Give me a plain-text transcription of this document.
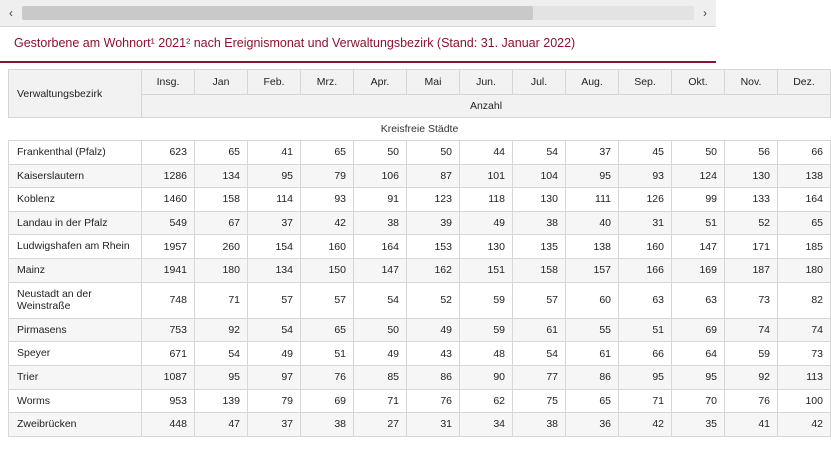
‹	›
Gestorbene am Wohnort¹ 2021² nach Ereignismonat und Verwaltungsbezirk (Stand: 31. Januar 2022)
Verwaltungsbezirk	Insg.	Jan	Feb.	Mrz.	Apr.	Mai	Jun.	Jul.	Aug.	Sep.	Okt.	Nov.	Dez.
	Anzahl												
Kreisfreie Städte													
Frankenthal (Pfalz)	623	65	41	65	50	50	44	54	37	45	50	56	66
Kaiserslautern	1286	134	95	79	106	87	101	104	95	93	124	130	138
Koblenz	1460	158	114	93	91	123	118	130	111	126	99	133	164
Landau in der Pfalz	549	67	37	42	38	39	49	38	40	31	51	52	65
Ludwigshafen am Rhein	1957	260	154	160	164	153	130	135	138	160	147	171	185
Mainz	1941	180	134	150	147	162	151	158	157	166	169	187	180
Neustadt an der Weinstraße	748	71	57	57	54	52	59	57	60	63	63	73	82
Pirmasens	753	92	54	65	50	49	59	61	55	51	69	74	74
Speyer	671	54	49	51	49	43	48	54	61	66	64	59	73
Trier	1087	95	97	76	85	86	90	77	86	95	95	92	113
Worms	953	139	79	69	71	76	62	75	65	71	70	76	100
Zweibrücken	448	47	37	38	27	31	34	38	36	42	35	41	42
